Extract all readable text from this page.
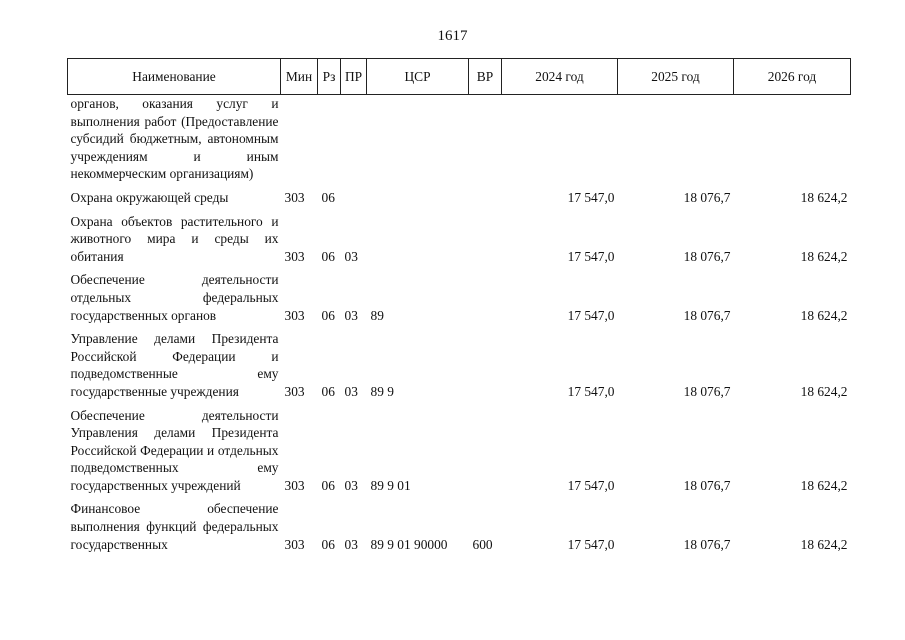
1617
Наименование	Мин	Рз	ПР	ЦСР	ВР	2024 год	2025 год	2026 год
органов, оказания услуг и выполнения работ (Предоставление субсидий бюджетным, автономным учреждениям и иным некоммерческим организациям)								
Охрана окружающей среды	303	06				17 547,0	18 076,7	18 624,2
Охрана объектов растительного и животного мира и среды их обитания	303	06	03			17 547,0	18 076,7	18 624,2
Обеспечение деятельности отдельных федеральных государственных органов	303	06	03	89		17 547,0	18 076,7	18 624,2
Управление делами Президента Российской Федерации и подведомственные ему государственные учреждения	303	06	03	89 9		17 547,0	18 076,7	18 624,2
Обеспечение деятельности Управления делами Президента Российской Федерации и отдельных подведомственных ему государственных учреждений	303	06	03	89 9 01		17 547,0	18 076,7	18 624,2
Финансовое обеспечение выполнения функций федеральных государственных	303	06	03	89 9 01 90000	600	17 547,0	18 076,7	18 624,2
